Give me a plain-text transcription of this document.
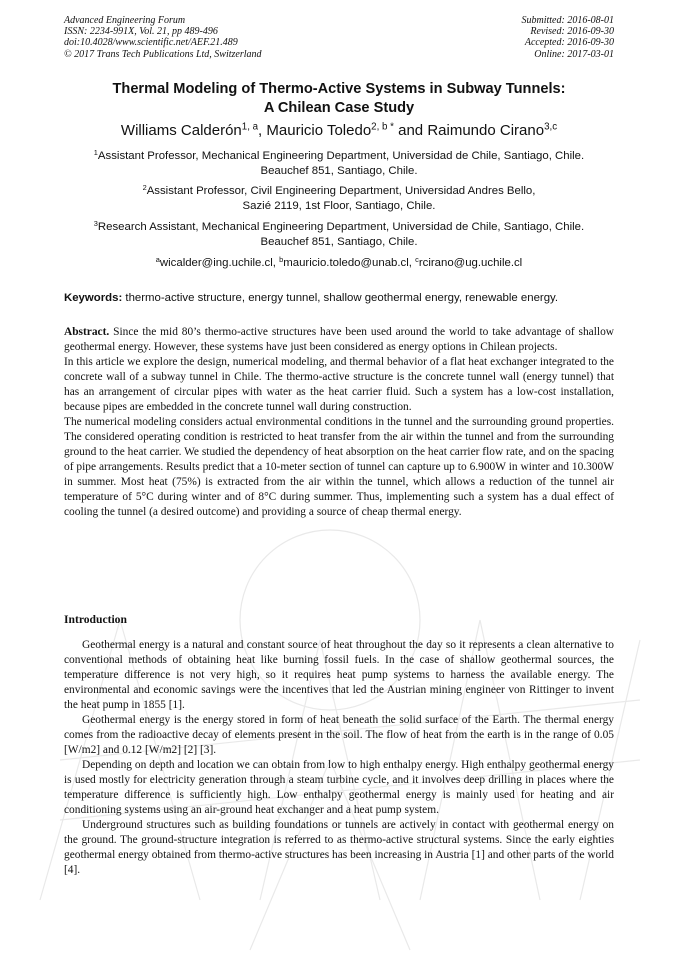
Advanced Engineering Forum
ISSN: 2234-991X, Vol. 21, pp 489-496
doi:10.4028/www.scientific.net/AEF.21.489
© 2017 Trans Tech Publications Ltd, Switzerland
Submitted: 2016-08-01
Revised: 2016-09-30
Accepted: 2016-09-30
Online: 2017-03-01
Thermal Modeling of Thermo-Active Systems in Subway Tunnels:
A Chilean Case Study
Williams Calderón$^{1, a}$, Mauricio Toledo$^{2, b *}$ and Raimundo Cirano$^{3,c}$
$^1$Assistant Professor, Mechanical Engineering Department, Universidad de Chile, Santiago, Chile.
Beauchef 851, Santiago, Chile.
$^2$Assistant Professor, Civil Engineering Department, Universidad Andres Bello,
Sazié 2119, 1st Floor, Santiago, Chile.
$^3$Research Assistant, Mechanical Engineering Department, Universidad de Chile, Santiago, Chile.
Beauchef 851, Santiago, Chile.
$^a$wicalder@ing.uchile.cl, $^b$mauricio.toledo@unab.cl, $^c$rcirano@ug.uchile.cl
Keywords: thermo-active structure, energy tunnel, shallow geothermal energy, renewable energy.

Abstract. Since the mid 80’s thermo-active structures have been used around the world to take advantage of shallow geothermal energy. However, these systems have just been considered as energy options in Chilean projects.

In this article we explore the design, numerical modeling, and thermal behavior of a flat heat exchanger integrated to the concrete wall of a subway tunnel in Chile. The thermo-active structure is the concrete tunnel wall (energy tunnel) that has an arrangement of circular pipes with water as the heat carrier fluid. Such a system has a low-cost installation, because pipes are embedded in the concrete tunnel wall during construction.

The numerical modeling considers actual environmental conditions in the tunnel and the surrounding ground properties. The considered operating condition is restricted to heat transfer from the air within the tunnel and from the surrounding ground to the heat carrier. We studied the dependency of heat absorption on the heat carrier flow rate, and on the spacing of pipe arrangements. Results predict that a 10-meter section of tunnel can capture up to 6.900W in winter and 10.300W in summer. Most heat (75%) is extracted from the air within the tunnel, which allows a reduction of the tunnel air temperature of 5°C during winter and of 8°C during summer. Thus, implementing such a system has a dual effect of cooling the tunnel (a desired outcome) and providing a source of cheap thermal energy.

Introduction

Geothermal energy is a natural and constant source of heat throughout the day so it represents a clean alternative to conventional methods of obtaining heat like burning fossil fuels. In the case of shallow geothermal sources, the temperature difference is not very high, so it requires heat pump systems to harness the available energy. The environmental and economic savings were the incentives that led the Austrian mining engineer von Rittinger to invent the heat pump in 1855 [1].

Geothermal energy is the energy stored in form of heat beneath the solid surface of the Earth. The thermal energy comes from the radioactive decay of elements present in the soil. The flow of heat from the earth is in the range of 0.05 [W/m2] and 0.12 [W/m2] [2] [3].

Depending on depth and location we can obtain from low to high enthalpy energy. High enthalpy geothermal energy is used mostly for electricity generation through a steam turbine cycle, and it involves deep drilling in places where the temperature difference is sufficiently high. Low enthalpy geothermal energy is mainly used for heating and air conditioning systems using an air-ground heat exchanger and a heat pump system.

Underground structures such as building foundations or tunnels are actively in contact with geothermal energy on the ground. The ground-structure integration is referred to as thermo-active structural systems. Since the early eighties geothermal energy obtained from thermo-active structures has been increasing in Austria [1] and other parts of the world [4].
